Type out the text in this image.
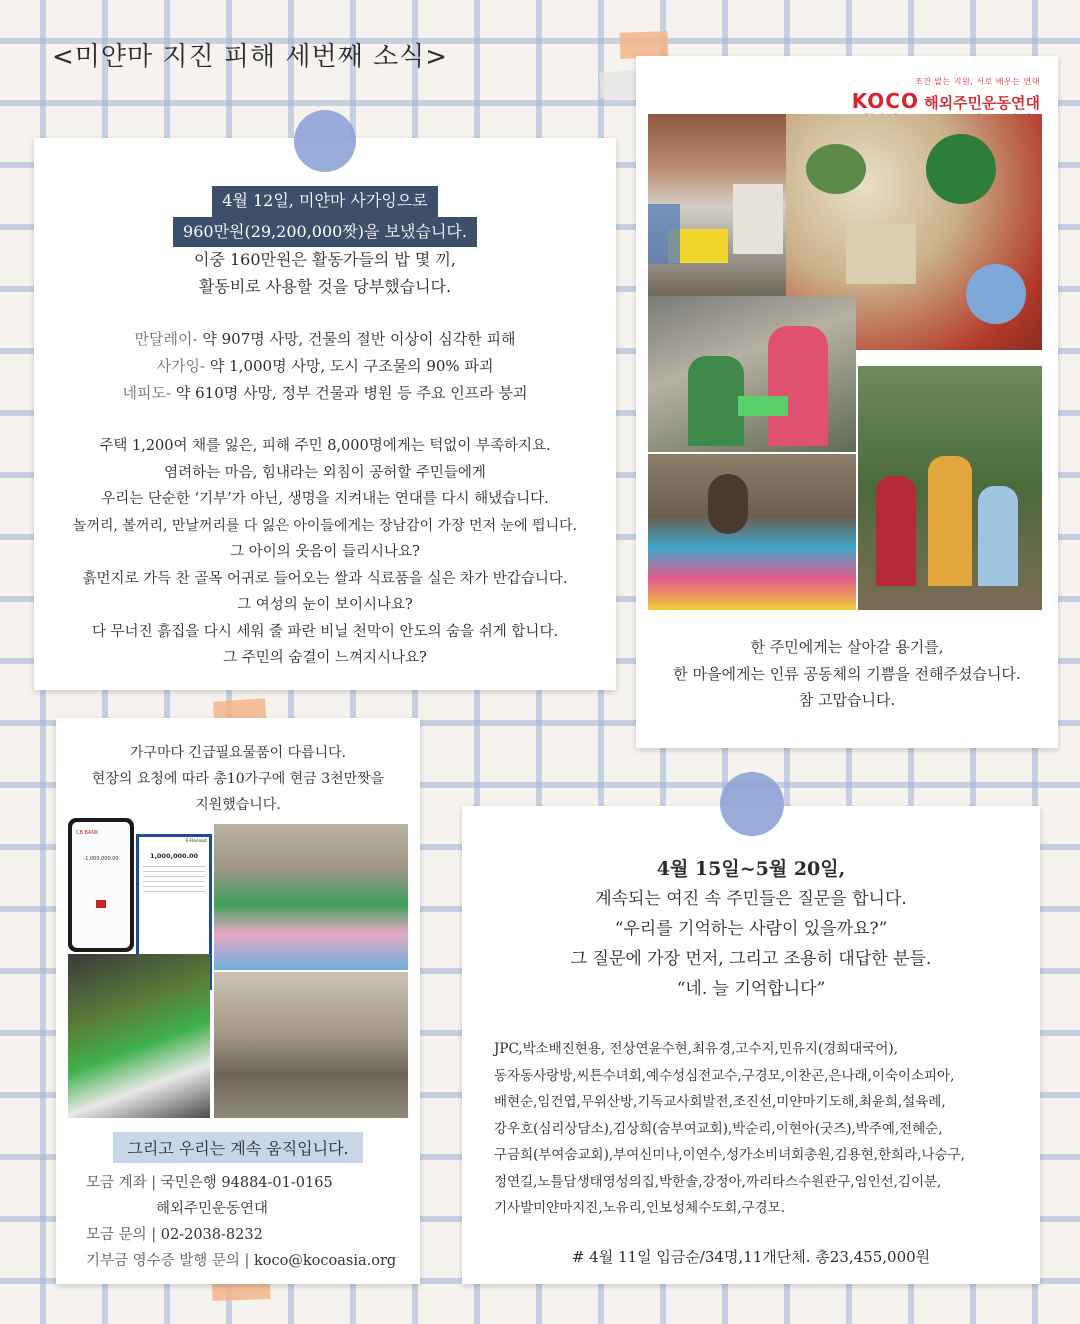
<미얀마 지진 피해 세번째 소식>
4월 12일, 미얀마 사가잉으로
960만원(29,200,000짯)을 보냈습니다.
이중 160만원은 활동가들의 밥 몇 끼,
활동비로 사용할 것을 당부했습니다.
만달레이- 약 907명 사망, 건물의 절반 이상이 심각한 피해
사가잉- 약 1,000명 사망, 도시 구조물의 90% 파괴
네피도- 약 610명 사망, 정부 건물과 병원 등 주요 인프라 붕괴
주택 1,200여 채를 잃은, 피해 주민 8,000명에게는 턱없이 부족하지요.
염려하는 마음, 힘내라는 외침이 공허할 주민들에게
우리는 단순한 ‘기부’가 아닌, 생명을 지켜내는 연대를 다시 해냈습니다.
놀꺼리, 볼꺼리, 만날꺼리를 다 잃은 아이들에게는 장남감이 가장 먼저 눈에 띕니다.
그 아이의 웃음이 들리시나요?
흙먼지로 가득 찬 골목 어귀로 들어오는 쌀과 식료품을 실은 차가 반갑습니다.
그 여성의 눈이 보이시나요?
다 무너진 흙집을 다시 세워 줄 파란 비닐 천막이 안도의 숨을 쉬게 합니다.
그 주민의 숨결이 느껴지시나요?
조건 없는 지원, 서로 배우는 연대
KOCO 해외주민운동연대
한 주민에게는 살아갈 용기를,
한 마을에게는 인류 공동체의 기쁨을 전해주셨습니다.
참 고맙습니다.
가구마다 긴급필요물품이 다릅니다.
현장의 요청에 따라 총10가구에 현금 3천만짯을
지원했습니다.
CB BANK
-1,000,000.00
E-Receipt
1,000,000.00
그리고 우리는 계속 움직입니다.
모금 계좌 | 국민은행 94884-01-0165
해외주민운동연대
모금 문의 | 02-2038-8232
기부금 영수증 발행 문의 | koco@kocoasia.org
4월 15일~5월 20일,
계속되는 여진 속 주민들은 질문을 합니다.
“우리를 기억하는 사람이 있을까요?”
그 질문에 가장 먼저, 그리고 조용히 대답한 분들.
“네. 늘 기억합니다”
JPC,박소배진현용, 전상연윤수현,최유경,고수지,민유지(경희대국어),
동자동사랑방,씨튼수녀회,예수성심전교수,구경모,이찬곤,은나래,이숙이소피아,
배현순,임건엽,무위산방,기독교사회발전,조진선,미얀마기도해,최윤희,설육례,
강우호(심리상담소),김상희(숨부여교회),박순리,이현아(굿즈),박주예,전혜순,
구금희(부여숨교회),부여신미나,이연수,성가소비녀회총원,김용현,한희라,나승구,
정연길,노틀담생태영성의집,박한솔,강정아,까리타스수원관구,임인선,김이분,
기사발미얀마지진,노유리,인보성체수도회,구경모.
# 4월 11일 입금순/34명,11개단체. 총23,455,000원
